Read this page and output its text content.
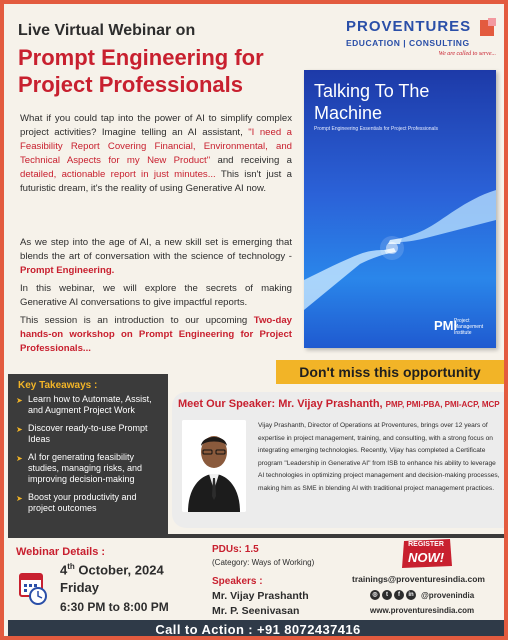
Live Virtual Webinar on
Prompt Engineering for Project Professionals
PROVENTURES
EDUCATION | CONSULTING
We are called to serve...
Talking To The Machine
Prompt Engineering Essentials for Project Professionals
PMI
Project Management Institute

What if you could tap into the power of AI to simplify complex project activities? Imagine telling an AI assistant, "I need a Feasibility Report Covering Financial, Environmental, and Technical Aspects for my New Product" and receiving a detailed, actionable report in just minutes... This isn't just a futuristic dream, it's the reality of using Generative AI now.

As we step into the age of AI, a new skill set is emerging that blends the art of conversation with the science of technology - Prompt Engineering.

In this webinar, we will explore the secrets of making Generative AI conversations to give impactful reports.

This session is an introduction to our upcoming Two-day hands-on workshop on Prompt Engineering for Project Professionals...

Don't miss this opportunity
Key Takeaways :
➤ Learn how to Automate, Assist, and Augment Project Work
➤ Discover ready-to-use Prompt Ideas
➤ AI for generating feasibility studies, managing risks, and improving decision-making
➤ Boost your productivity and project outcomes
Meet Our Speaker: Mr. Vijay Prashanth, PMP, PMI-PBA, PMI-ACP, MCP
Vijay Prashanth, Director of Operations at Proventures, brings over 12 years of expertise in project management, training, and consulting, with a strong focus on integrating emerging technologies. Recently, Vijay has completed a Certificate program "Leadership in Generative AI" from ISB to enhance his ability to leverage AI technologies in optimizing project management and decision-making processes, making him as SME in blending AI with traditional project management practices.
Webinar Details :
4th October, 2024
Friday
6:30 PM to 8:00 PM
PDUs: 1.5
(Category: Ways of Working)
Speakers :
Mr. Vijay Prashanth
Mr. P. Seenivasan
REGISTER
NOW!
trainings@proventuresindia.com
◎	t	f	in @provenindia
www.proventuresindia.com
Call to Action : +91 8072437416
